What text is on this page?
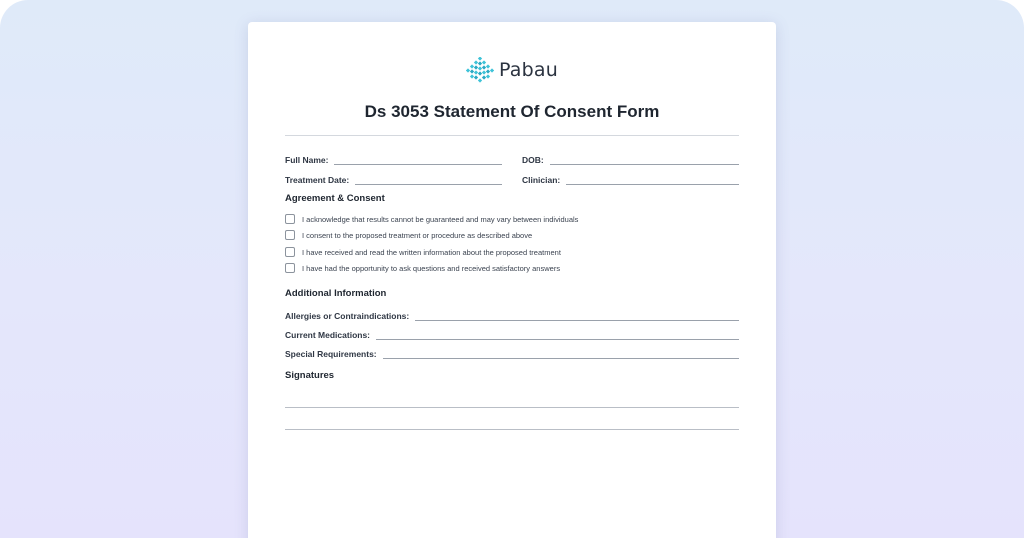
Pabau
Ds 3053 Statement Of Consent Form
Full Name:	DOB:
Treatment Date:	Clinician:
Agreement & Consent
I acknowledge that results cannot be guaranteed and may vary between individuals
I consent to the proposed treatment or procedure as described above
I have received and read the written information about the proposed treatment
I have had the opportunity to ask questions and received satisfactory answers
Additional Information
Allergies or Contraindications:
Current Medications:
Special Requirements:
Signatures
